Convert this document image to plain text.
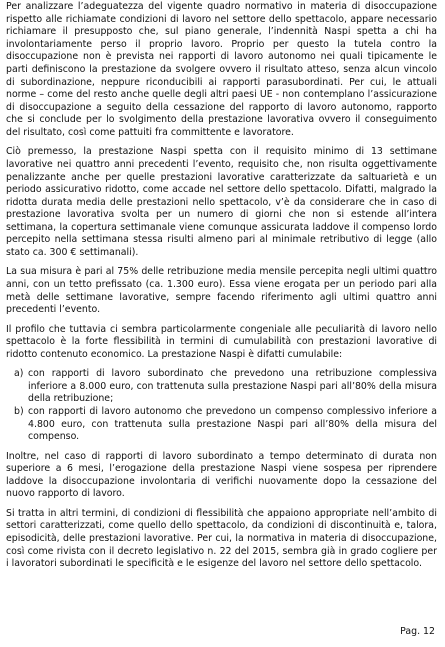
Per analizzare l’adeguatezza del vigente quadro normativo in materia di disoccupazione rispetto alle richiamate condizioni di lavoro nel settore dello spettacolo, appare necessario richiamare il presupposto che, sul piano generale, l’indennità Naspi spetta a chi ha involontariamente perso il proprio lavoro. Proprio per questo la tutela contro la disoccupazione non è prevista nei rapporti di lavoro autonomo nei quali tipicamente le parti definiscono la prestazione da svolgere ovvero il risultato atteso, senza alcun vincolo di subordinazione, neppure riconducibili ai rapporti parasubordinati. Per cui, le attuali norme – come del resto anche quelle degli altri paesi UE - non contemplano l’assicurazione di disoccupazione a seguito della cessazione del rapporto di lavoro autonomo, rapporto che si conclude per lo svolgimento della prestazione lavorativa ovvero il conseguimento del risultato, così come pattuiti fra committente e lavoratore.

Ciò premesso, la prestazione Naspi spetta con il requisito minimo di 13 settimane lavorative nei quattro anni precedenti l’evento, requisito che, non risulta oggettivamente penalizzante anche per quelle prestazioni lavorative caratterizzate da saltuarietà e un periodo assicurativo ridotto, come accade nel settore dello spettacolo. Difatti, malgrado la ridotta durata media delle prestazioni nello spettacolo, v’è da considerare che in caso di prestazione lavorativa svolta per un numero di giorni che non si estende all’intera settimana, la copertura settimanale viene comunque assicurata laddove il compenso lordo percepito nella settimana stessa risulti almeno pari al minimale retributivo di legge (allo stato ca. 300 € settimanali).

La sua misura è pari al 75% delle retribuzione media mensile percepita negli ultimi quattro anni, con un tetto prefissato (ca. 1.300 euro). Essa viene erogata per un periodo pari alla metà delle settimane lavorative, sempre facendo riferimento agli ultimi quattro anni precedenti l’evento.

Il profilo che tuttavia ci sembra particolarmente congeniale alle peculiarità di lavoro nello spettacolo è la forte flessibilità in termini di cumulabilità con prestazioni lavorative di ridotto contenuto economico. La prestazione Naspi è difatti cumulabile:

a) con rapporti di lavoro subordinato che prevedono una retribuzione complessiva inferiore a 8.000 euro, con trattenuta sulla prestazione Naspi pari all’80% della misura della retribuzione;
b) con rapporti di lavoro autonomo che prevedono un compenso complessivo inferiore a 4.800 euro, con trattenuta sulla prestazione Naspi pari all’80% della misura del compenso.

Inoltre, nel caso di rapporti di lavoro subordinato a tempo determinato di durata non superiore a 6 mesi, l’erogazione della prestazione Naspi viene sospesa per riprendere laddove la disoccupazione involontaria di verifichi nuovamente dopo la cessazione del nuovo rapporto di lavoro.

Si tratta in altri termini, di condizioni di flessibilità che appaiono appropriate nell’ambito di settori caratterizzati, come quello dello spettacolo, da condizioni di discontinuità e, talora, episodicità, delle prestazioni lavorative. Per cui, la normativa in materia di disoccupazione, così come rivista con il decreto legislativo n. 22 del 2015, sembra già in grado cogliere per i lavoratori subordinati le specificità e le esigenze del lavoro nel settore dello spettacolo.

Pag. 12
